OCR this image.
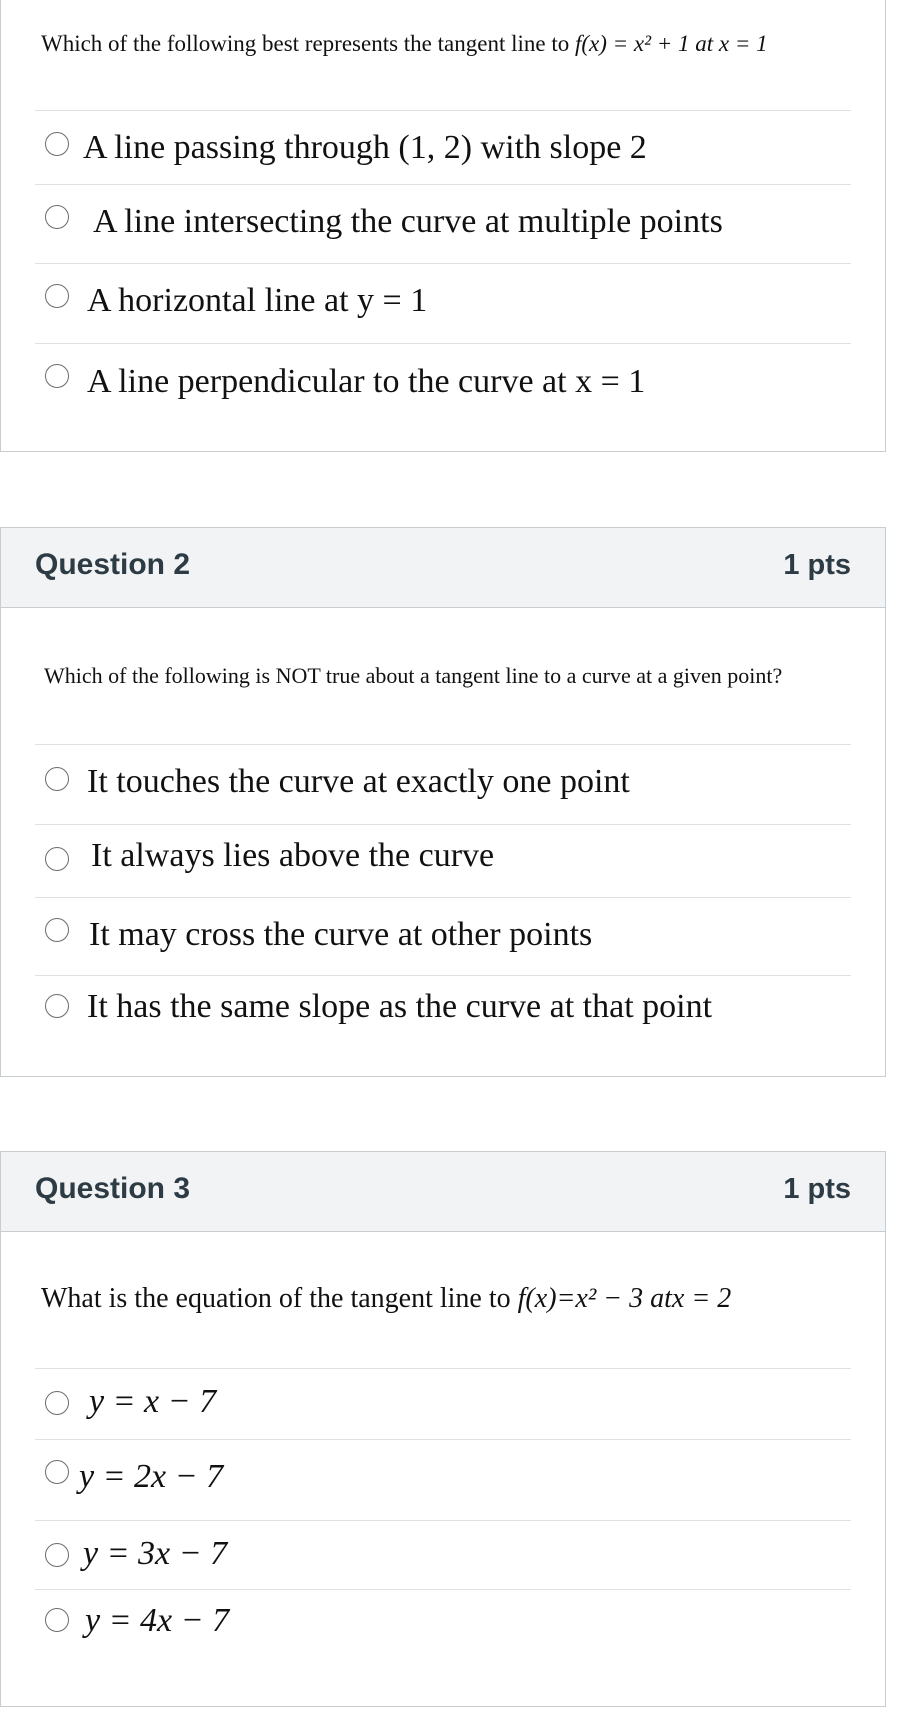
Which of the following best represents the tangent line to f(x) = x² + 1 at x = 1
A line passing through (1, 2) with slope 2
A line intersecting the curve at multiple points
A horizontal line at y = 1
A line perpendicular to the curve at x = 1
Question 2	1 pts
Which of the following is NOT true about a tangent line to a curve at a given point?
It touches the curve at exactly one point
It always lies above the curve
It may cross the curve at other points
It has the same slope as the curve at that point
Question 3	1 pts
What is the equation of the tangent line to f(x)=x² − 3 atx = 2
y = x − 7
y = 2x − 7
y = 3x − 7
y = 4x − 7
